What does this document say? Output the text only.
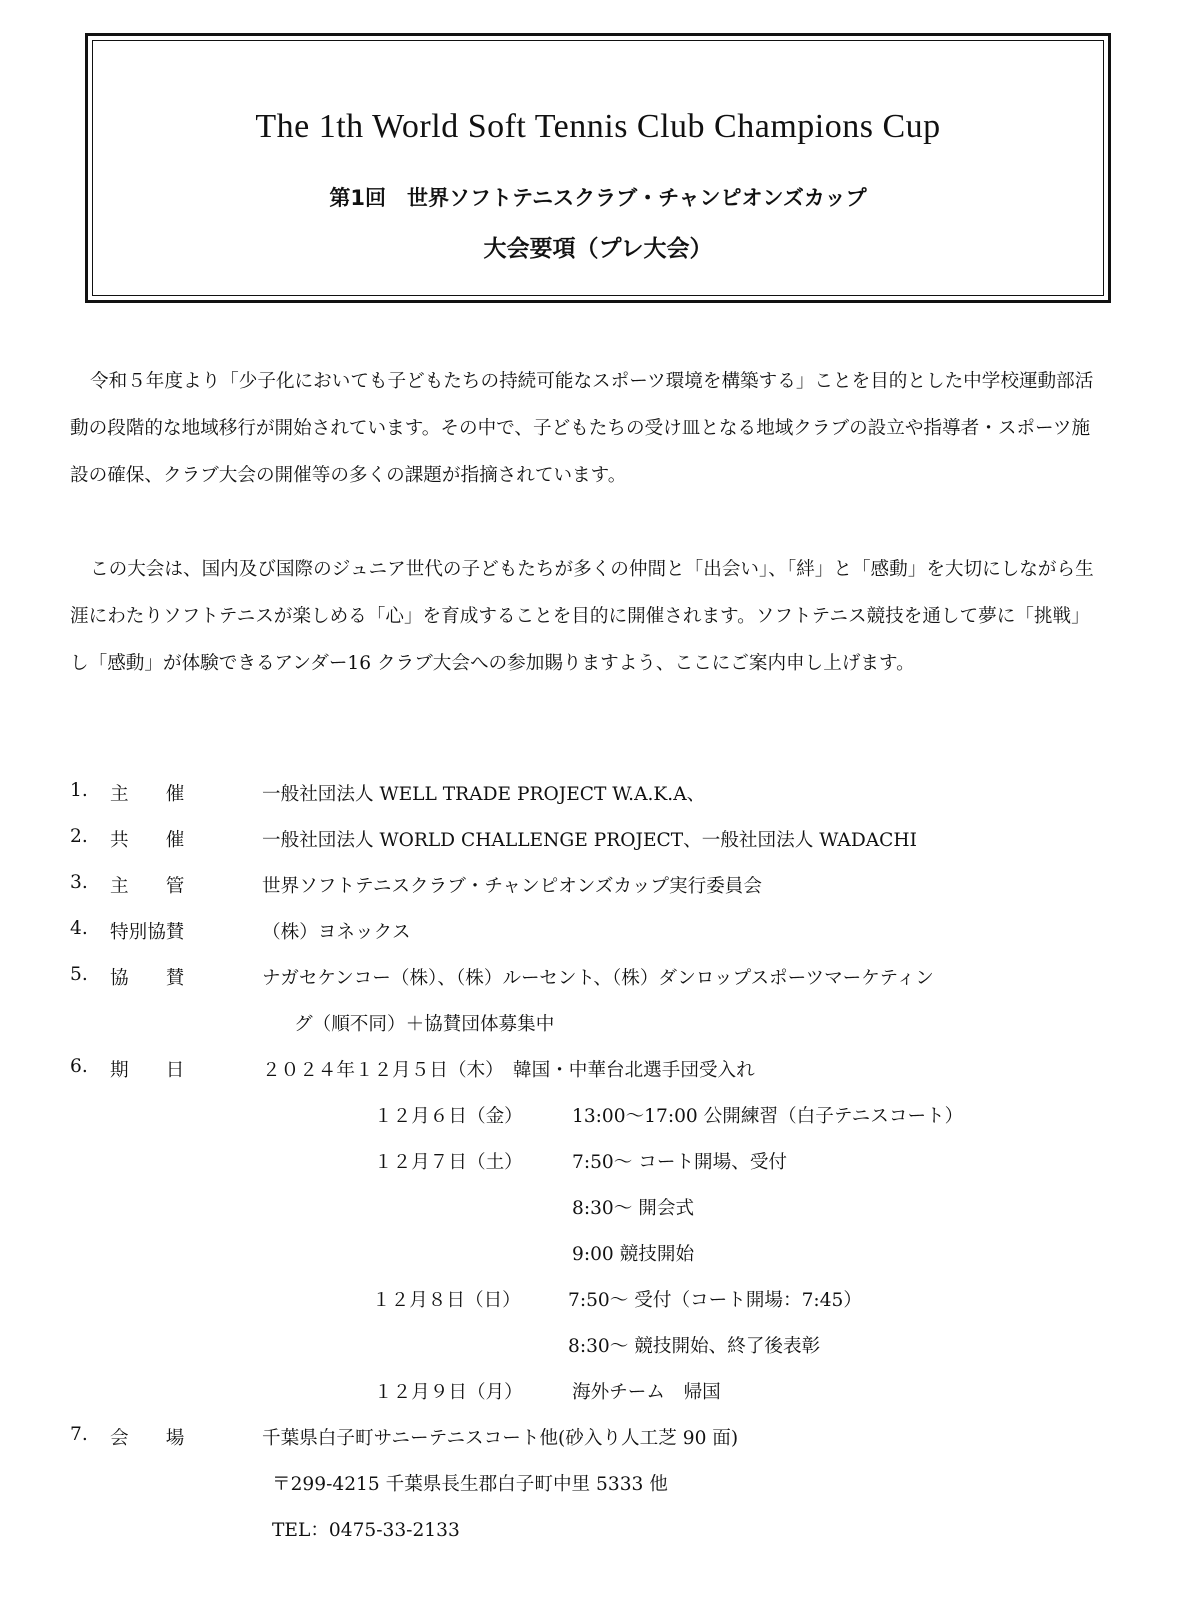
The 1th World Soft Tennis Club Champions Cup
第1回　世界ソフトテニスクラブ・チャンピオンズカップ
大会要項（プレ大会）
令和５年度より「少子化においても子どもたちの持続可能なスポーツ環境を構築する」ことを目的とした中学校運動部活動の段階的な地域移行が開始されています。その中で、子どもたちの受け皿となる地域クラブの設立や指導者・スポーツ施設の確保、クラブ大会の開催等の多くの課題が指摘されています。
この大会は、国内及び国際のジュニア世代の子どもたちが多くの仲間と「出会い」、「絆」と「感動」を大切にしながら生涯にわたりソフトテニスが楽しめる「心」を育成することを目的に開催されます。ソフトテニス競技を通して夢に「挑戦」し「感動」が体験できるアンダー16 クラブ大会への参加賜りますよう、ここにご案内申し上げます。
1. 主　　催	一般社団法人 WELL TRADE PROJECT W.A.K.A、
2. 共　　催	一般社団法人 WORLD CHALLENGE PROJECT、一般社団法人 WADACHI
3. 主　　管	世界ソフトテニスクラブ・チャンピオンズカップ実行委員会
4. 特別協賛	（株）ヨネックス
5. 協　　賛	ナガセケンコー（株）、（株）ルーセント、（株）ダンロップスポーツマーケティン
グ（順不同）＋協賛団体募集中
6. 期　　日	２０２４年１２月５日（木）　韓国・中華台北選手団受入れ
１２月６日（金）	13:00～17:00 公開練習（白子テニスコート）
１２月７日（土）	7:50～ コート開場、受付
8:30～ 開会式
9:00 競技開始
１２月８日（日）	7:50～ 受付（コート開場：7:45）
8:30～ 競技開始、終了後表彰
１２月９日（月）	海外チーム　帰国
7. 会　　場	千葉県白子町サニーテニスコート他(砂入り人工芝 90 面)
〒299-4215 千葉県長生郡白子町中里 5333 他
TEL：0475-33-2133
